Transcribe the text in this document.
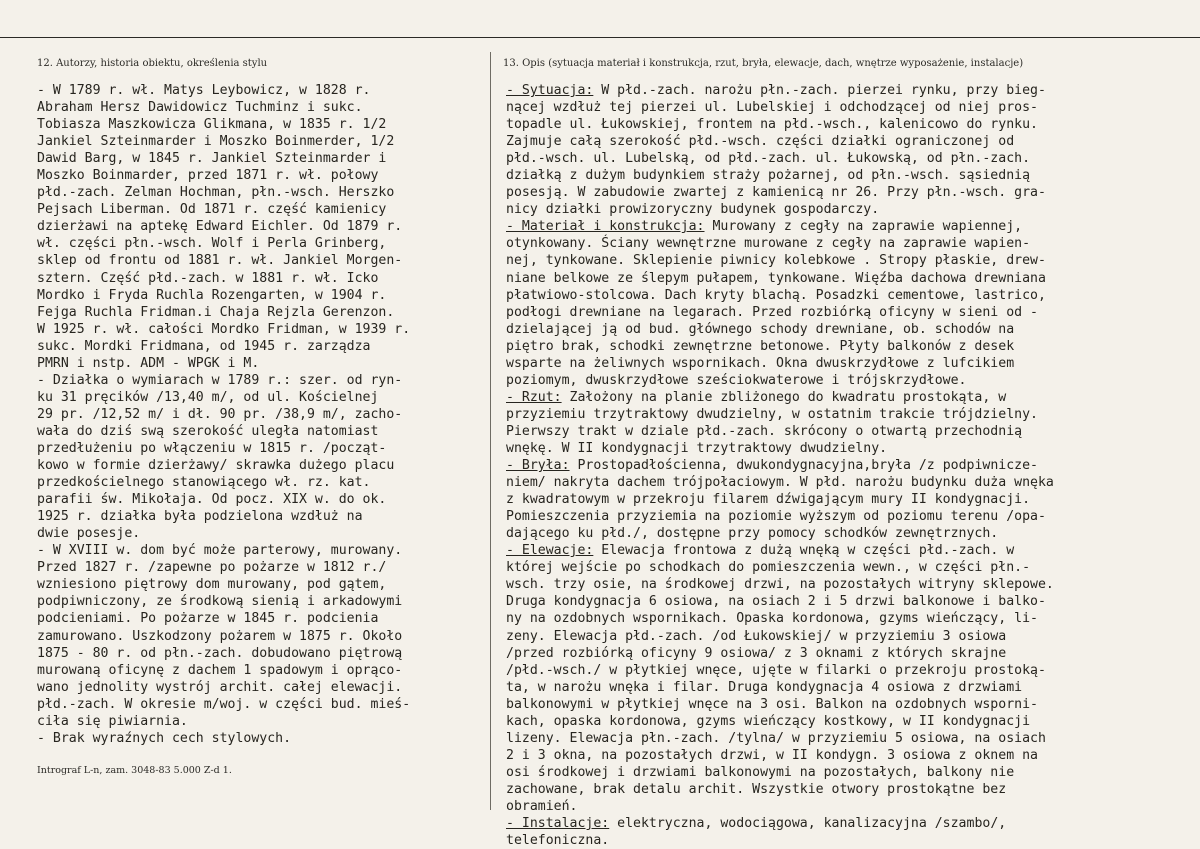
12. Autorzy, historia obiektu, określenia stylu	13. Opis (sytuacja materiał i konstrukcja, rzut, bryła, elewacje, dach, wnętrze wyposażenie, instalacje)
- W 1789 r. wł. Matys Leybowicz, w 1828 r.
Abraham Hersz Dawidowicz Tuchminz i sukc.
Tobiasza Maszkowicza Glikmana, w 1835 r. 1/2
Jankiel Szteinmarder i Moszko Boinmerder, 1/2
Dawid Barg, w 1845 r. Jankiel Szteinmarder i
Moszko Boinmarder, przed 1871 r. wł. połowy
płd.-zach. Zelman Hochman, płn.-wsch. Herszko
Pejsach Liberman. Od 1871 r. część kamienicy
dzierżawi na aptekę Edward Eichler. Od 1879 r.
wł. części płn.-wsch. Wolf i Perla Grinberg,
sklep od frontu od 1881 r. wł. Jankiel Morgen-
sztern. Część płd.-zach. w 1881 r. wł. Icko
Mordko i Fryda Ruchla Rozengarten, w 1904 r.
Fejga Ruchla Fridman.i Chaja Rejzla Gerenzon.
W 1925 r. wł. całości Mordko Fridman, w 1939 r.
sukc. Mordki Fridmana, od 1945 r. zarządza
PMRN i nstp. ADM - WPGK i M.
- Działka o wymiarach w 1789 r.: szer. od ryn-
ku 31 pręcików /13,40 m/, od ul. Kościelnej
29 pr. /12,52 m/ i dł. 90 pr. /38,9 m/, zacho-
wała do dziś swą szerokość uległa natomiast
przedłużeniu po włączeniu w 1815 r. /począt-
kowo w formie dzierżawy/ skrawka dużego placu
przedkościelnego stanowiącego wł. rz. kat.
parafii św. Mikołaja. Od pocz. XIX w. do ok.
1925 r. działka była podzielona wzdłuż na
dwie posesje.
- W XVIII w. dom być może parterowy, murowany.
Przed 1827 r. /zapewne po pożarze w 1812 r./
wzniesiono piętrowy dom murowany, pod gątem,
podpiwniczony, ze środkową sienią i arkadowymi
podcieniami. Po pożarze w 1845 r. podcienia
zamurowano. Uszkodzony pożarem w 1875 r. Około
1875 - 80 r. od płn.-zach. dobudowano piętrową
murowaną oficynę z dachem 1 spadowym i oprąco-
wano jednolity wystrój archit. całej elewacji.
płd.-zach. W okresie m/woj. w części bud. mieś-
ciła się piwiarnia.
- Brak wyraźnych cech stylowych.
- Sytuacja: W płd.-zach. narożu płn.-zach. pierzei rynku, przy bieg-
nącej wzdłuż tej pierzei ul. Lubelskiej i odchodzącej od niej pros-
topadle ul. Łukowskiej, frontem na płd.-wsch., kalenicowo do rynku.
Zajmuje całą szerokość płd.-wsch. części działki ograniczonej od
płd.-wsch. ul. Lubelską, od płd.-zach. ul. Łukowską, od płn.-zach.
działką z dużym budynkiem straży pożarnej, od płn.-wsch. sąsiednią
posesją. W zabudowie zwartej z kamienicą nr 26. Przy płn.-wsch. gra-
nicy działki prowizoryczny budynek gospodarczy.
- Materiał i konstrukcja: Murowany z cegły na zaprawie wapiennej,
otynkowany. Ściany wewnętrzne murowane z cegły na zaprawie wapien-
nej, tynkowane. Sklepienie piwnicy kolebkowe . Stropy płaskie, drew-
niane belkowe ze ślepym pułapem, tynkowane. Więźba dachowa drewniana
płatwiowo-stolcowa. Dach kryty blachą. Posadzki cementowe, lastrico,
podłogi drewniane na legarach. Przed rozbiórką oficyny w sieni od -
dzielającej ją od bud. głównego schody drewniane, ob. schodów na
piętro brak, schodki zewnętrzne betonowe. Płyty balkonów z desek
wsparte na żeliwnych wspornikach. Okna dwuskrzydłowe z lufcikiem
poziomym, dwuskrzydłowe sześciokwaterowe i trójskrzydłowe.
- Rzut: Założony na planie zbliżonego do kwadratu prostokąta, w
przyziemiu trzytraktowy dwudzielny, w ostatnim trakcie trójdzielny.
Pierwszy trakt w dziale płd.-zach. skrócony o otwartą przechodnią
wnękę. W II kondygnacji trzytraktowy dwudzielny.
- Bryła: Prostopadłościenna, dwukondygnacyjna,bryła /z podpiwnicze-
niem/ nakryta dachem trójpołaciowym. W płd. narożu budynku duża wnęka
z kwadratowym w przekroju filarem dźwigającym mury II kondygnacji.
Pomieszczenia przyziemia na poziomie wyższym od poziomu terenu /opa-
dającego ku płd./, dostępne przy pomocy schodków zewnętrznych.
- Elewacje: Elewacja frontowa z dużą wnęką w części płd.-zach. w
której wejście po schodkach do pomieszczenia wewn., w części płn.-
wsch. trzy osie, na środkowej drzwi, na pozostałych witryny sklepowe.
Druga kondygnacja 6 osiowa, na osiach 2 i 5 drzwi balkonowe i balko-
ny na ozdobnych wspornikach. Opaska kordonowa, gzyms wieńczący, li-
zeny. Elewacja płd.-zach. /od Łukowskiej/ w przyziemiu 3 osiowa
/przed rozbiórką oficyny 9 osiowa/ z 3 oknami z których skrajne
/płd.-wsch./ w płytkiej wnęce, ujęte w filarki o przekroju prostoką-
ta, w narożu wnęka i filar. Druga kondygnacja 4 osiowa z drzwiami
balkonowymi w płytkiej wnęce na 3 osi. Balkon na ozdobnych wsporni-
kach, opaska kordonowa, gzyms wieńczący kostkowy, w II kondygnacji
lizeny. Elewacja płn.-zach. /tylna/ w przyziemiu 5 osiowa, na osiach
2 i 3 okna, na pozostałych drzwi, w II kondygn. 3 osiowa z oknem na
osi środkowej i drzwiami balkonowymi na pozostałych, balkony nie
zachowane, brak detalu archit. Wszystkie otwory prostokątne bez
obramień.
- Instalacje: elektryczna, wodociągowa, kanalizacyjna /szambo/,
telefoniczna.
Intrograf L-n, zam. 3048-83 5.000 Z-d 1.
